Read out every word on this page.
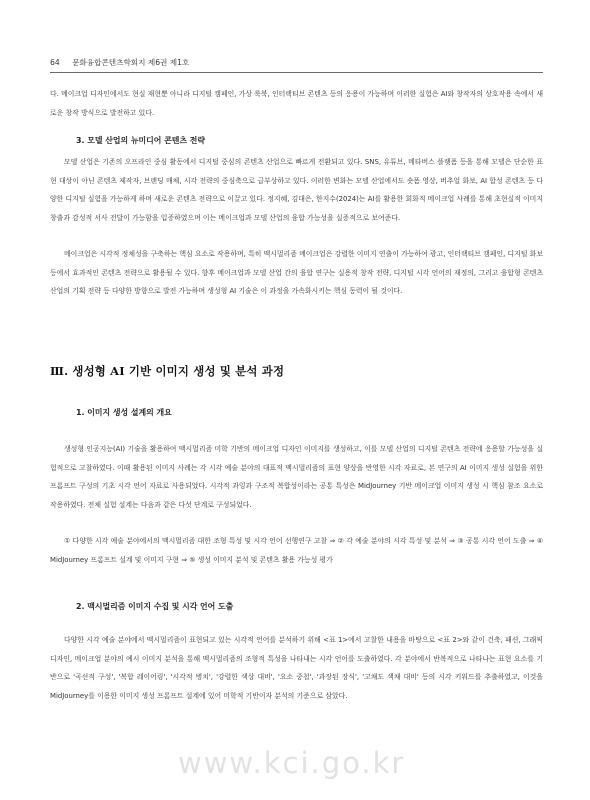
64 문화융합콘텐츠학회지 제6권 제1호

다. 메이크업 디자인에서도 현실 재현뿐 아니라 디지털 캠페인, 가상 룩북, 인터랙티브 콘텐츠 등의 응용이 가능하며 이러한 실험은 AI와 창작자의 상호작용 속에서 새로운 창작 방식으로 발전하고 있다.

3. 모델 산업의 뉴미디어 콘텐츠 전략

모델 산업은 기존의 오프라인 중심 활동에서 디지털 중심의 콘텐츠 산업으로 빠르게 전환되고 있다. SNS, 유튜브, 메타버스 플랫폼 등을 통해 모델은 단순한 표현 대상이 아닌 콘텐츠 제작자, 브랜딩 매체, 시각 전략의 중심축으로 급부상하고 있다. 이러한 변화는 모델 산업에서도 숏폼 영상, 버추얼 화보, AI 합성 콘텐츠 등 다양한 디지털 실험을 가능하게 하며 새로운 콘텐츠 전략으로 이끌고 있다. 정지혜, 김대은, 한지수(2024)는 AI를 활용한 회화적 메이크업 사례를 통해 초현실적 이미지 창출과 감성적 서사 전달이 가능함을 입증하였으며 이는 메이크업과 모델 산업의 융합 가능성을 실증적으로 보여준다.

메이크업은 시각적 정체성을 구축하는 핵심 요소로 작용하며, 특히 맥시멀리즘 메이크업은 강렬한 이미지 연출이 가능하여 광고, 인터랙티브 캠페인, 디지털 화보 등에서 효과적인 콘텐츠 전략으로 활용될 수 있다. 향후 메이크업과 모델 산업 간의 융합 연구는 실용적 창작 전략, 디지털 시각 언어의 재정의, 그리고 융합형 콘텐츠 산업의 기획 전략 등 다양한 방향으로 발전 가능하며 생성형 AI 기술은 이 과정을 가속화시키는 핵심 동력이 될 것이다.

Ⅲ. 생성형 AI 기반 이미지 생성 및 분석 과정
1. 이미지 생성 설계의 개요

생성형 인공지능(AI) 기술을 활용하여 맥시멀리즘 미학 기반의 메이크업 디자인 이미지를 생성하고, 이를 모델 산업의 디지털 콘텐츠 전략에 응용할 가능성을 실험적으로 고찰하였다. 이때 활용된 이미지 사례는 각 시각 예술 분야의 대표적 맥시멀리즘의 표현 양상을 반영한 시각 자료로, 본 연구의 AI 이미지 생성 실험을 위한 프롬프트 구성의 기초 시각 언어 자료로 사용되었다. 시각적 과잉과 구조적 복합성이라는 공통 특성은 MidJourney 기반 메이크업 이미지 생성 시 핵심 참조 요소로 작용하였다. 전체 실험 설계는 다음과 같은 다섯 단계로 구성되었다.

① 다양한 시각 예술 분야에서의 맥시멀리즘 대한 조형 특성 및 시각 언어 선행연구 고찰 ⇒ ② 각 예술 분야의 시각 특성 및 분석 ⇒ ③ 공통 시각 언어 도출 ⇒ ④ MidJourney 프롬프트 설계 및 이미지 구현 ⇒ ⑤ 생성 이미지 분석 및 콘텐츠 활용 가능성 평가

2. 맥시멀리즘 이미지 수집 및 시각 언어 도출

다양한 시각 예술 분야에서 맥시멀리즘이 표현되고 있는 시각적 언어를 분석하기 위해 <표 1>에서 고찰한 내용을 바탕으로 <표 2>와 같이 건축, 패션, 그래픽 디자인, 메이크업 분야의 예시 이미지 분석을 통해 맥시멀리즘의 조형적 특성을 나타내는 시각 언어를 도출하였다. 각 분야에서 반복적으로 나타나는 표현 요소를 기반으로 '곡선적 구성', '복합 레이어링', '시각적 병치', '강렬한 색상 대비', '요소 중첩', '과장된 장식', '고채도 색채 대비' 등의 시각 키워드를 추출하였고, 이것을 MidJourney를 이용한 이미지 생성 프롬프트 설계에 있어 미학적 기반이자 분석의 기준으로 삼았다.

www.kci.go.kr
